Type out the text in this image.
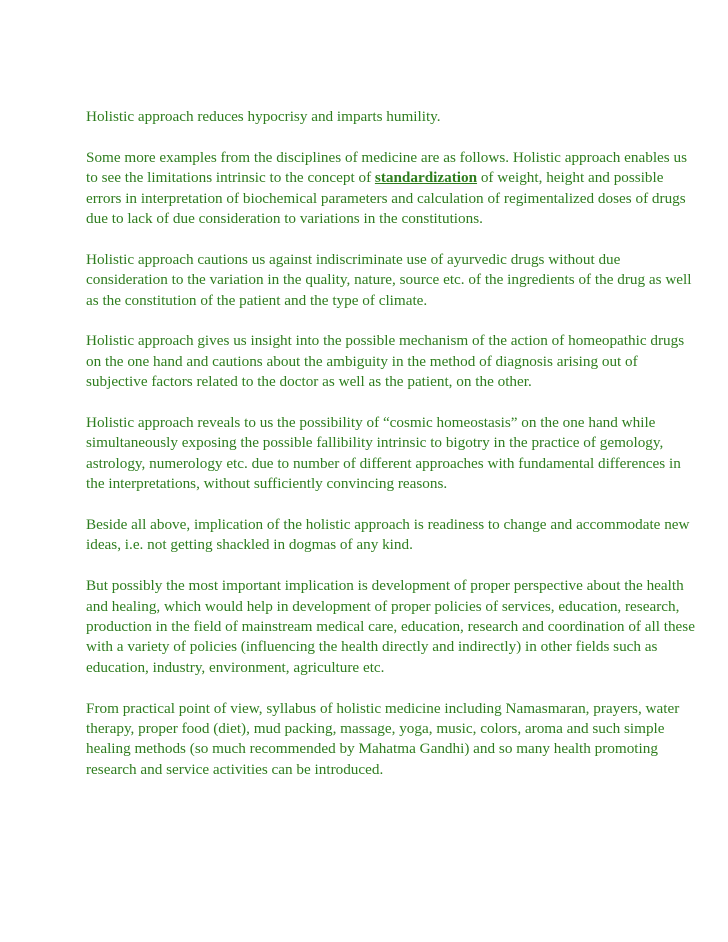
Holistic approach reduces hypocrisy and imparts humility.

Some more examples from the disciplines of medicine are as follows. Holistic approach enables us to see the limitations intrinsic to the concept of standardization of weight, height and possible errors in interpretation of biochemical parameters and calculation of regimentalized doses of drugs due to lack of due consideration to variations in the constitutions.

Holistic approach cautions us against indiscriminate use of ayurvedic drugs without due consideration to the variation in the quality, nature, source etc. of the ingredients of the drug as well as the constitution of the patient and the type of climate.

Holistic approach gives us insight into the possible mechanism of the action of homeopathic drugs on the one hand and cautions about the ambiguity in the method of diagnosis arising out of subjective factors related to the doctor as well as the patient, on the other.

Holistic approach reveals to us the possibility of “cosmic homeostasis” on the one hand while simultaneously exposing the possible fallibility intrinsic to bigotry in the practice of gemology, astrology, numerology etc. due to number of different approaches with fundamental differences in the interpretations, without sufficiently convincing reasons.

Beside all above, implication of the holistic approach is readiness to change and accommodate new ideas, i.e. not getting shackled in dogmas of any kind.

But possibly the most important implication is development of proper perspective about the health and healing, which would help in development of proper policies of services, education, research, production in the field of mainstream medical care, education, research and coordination of all these with a variety of policies (influencing the health directly and indirectly) in other fields such as education, industry, environment, agriculture etc.

From practical point of view, syllabus of holistic medicine including Namasmaran, prayers, water therapy, proper food (diet), mud packing, massage, yoga, music, colors, aroma and such simple healing methods (so much recommended by Mahatma Gandhi) and so many health promoting research and service activities can be introduced.
